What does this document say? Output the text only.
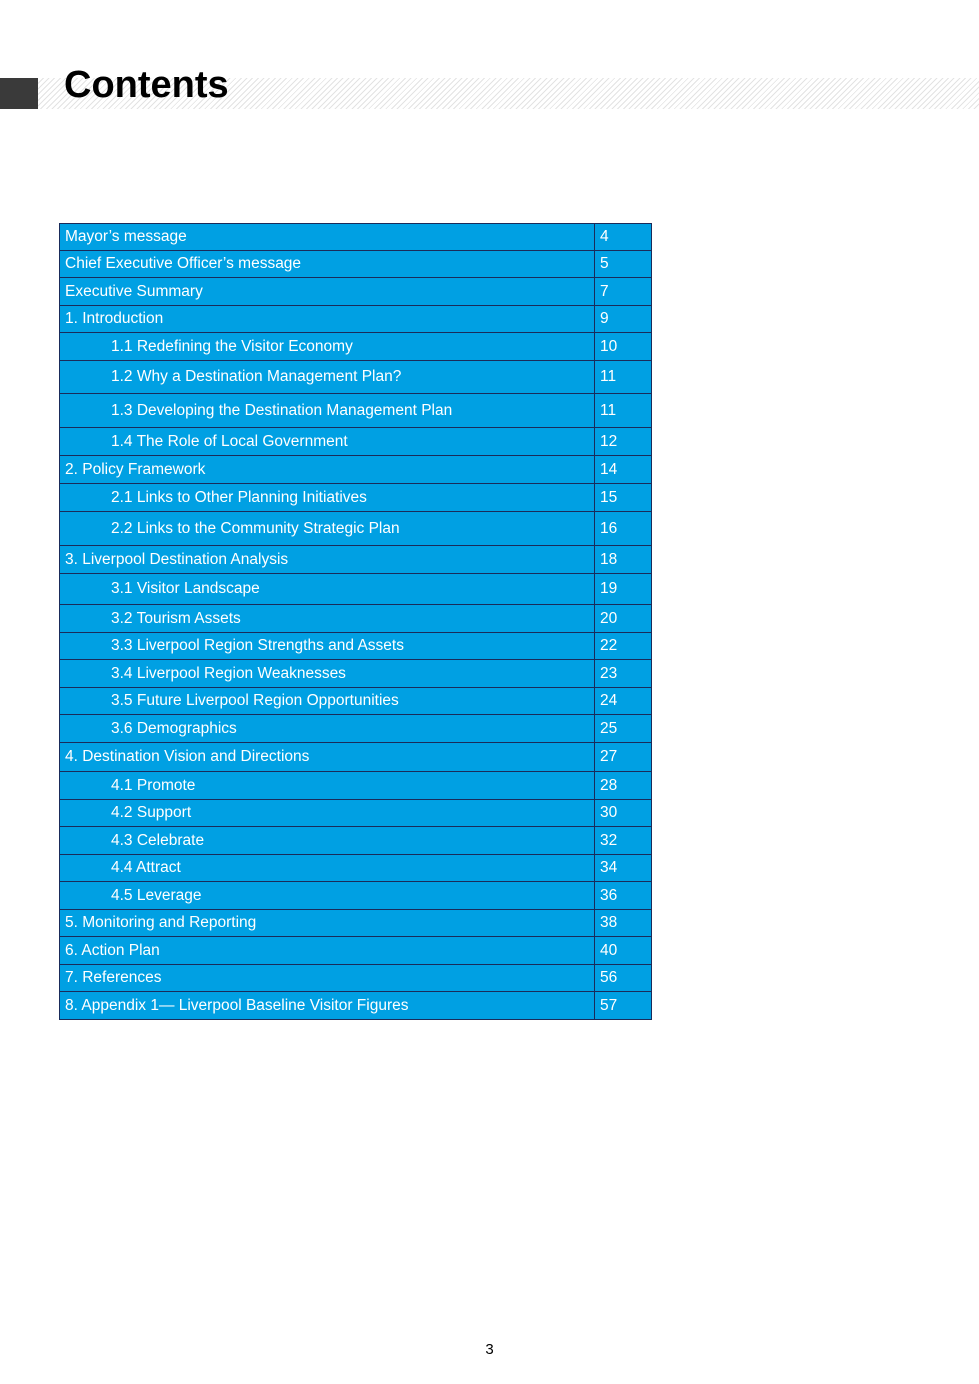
Contents
Mayor’s message	4
Chief Executive Officer’s message	5
Executive Summary	7
1. Introduction	9
1.1 Redefining the Visitor Economy	10
1.2 Why a Destination Management Plan?	11
1.3 Developing the Destination Management Plan	11
1.4 The Role of Local Government	12
2. Policy Framework	14
2.1 Links to Other Planning Initiatives	15
2.2 Links to the Community Strategic Plan	16
3. Liverpool Destination Analysis	18
3.1 Visitor Landscape	19
3.2 Tourism Assets	20
3.3 Liverpool Region Strengths and Assets	22
3.4 Liverpool Region Weaknesses	23
3.5 Future Liverpool Region Opportunities	24
3.6 Demographics	25
4. Destination Vision and Directions	27
4.1 Promote	28
4.2 Support	30
4.3 Celebrate	32
4.4 Attract	34
4.5 Leverage	36
5. Monitoring and Reporting	38
6. Action Plan	40
7. References	56
8. Appendix 1— Liverpool Baseline Visitor Figures	57
3
